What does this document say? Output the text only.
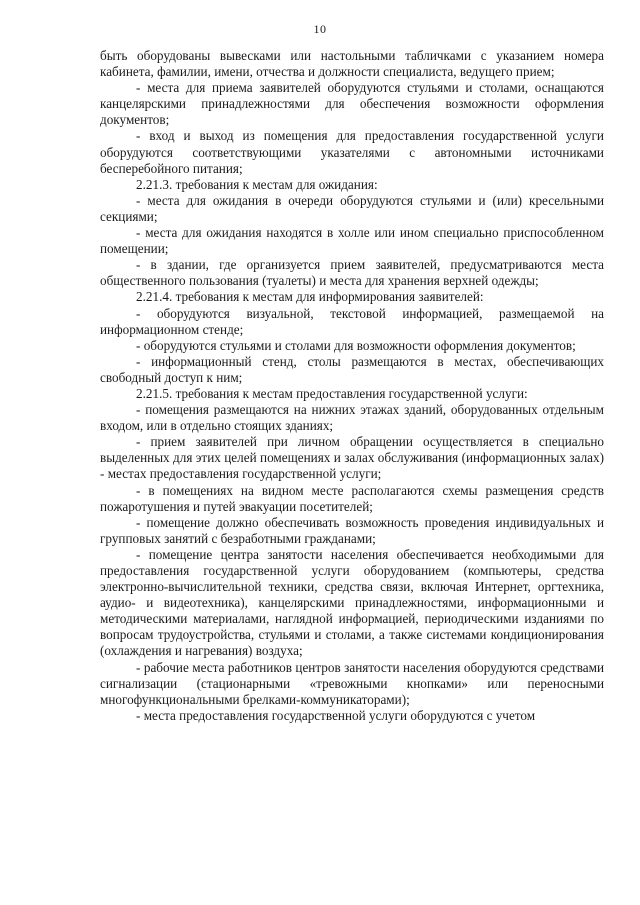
10

быть оборудованы вывесками или настольными табличками с указанием номера кабинета, фамилии, имени, отчества и должности специалиста, ведущего прием;

- места для приема заявителей оборудуются стульями и столами, оснащаются канцелярскими принадлежностями для обеспечения возможности оформления документов;

- вход и выход из помещения для предоставления государственной услуги оборудуются соответствующими указателями с автономными источниками бесперебойного питания;

2.21.3. требования к местам для ожидания:

- места для ожидания в очереди оборудуются стульями и (или) кресельными секциями;

- места для ожидания находятся в холле или ином специально приспособленном помещении;

- в здании, где организуется прием заявителей, предусматриваются места общественного пользования (туалеты) и места для хранения верхней одежды;

2.21.4. требования к местам для информирования заявителей:

- оборудуются визуальной, текстовой информацией, размещаемой на информационном стенде;

- оборудуются стульями и столами для возможности оформления документов;

- информационный стенд, столы размещаются в местах, обеспечивающих свободный доступ к ним;

2.21.5. требования к местам предоставления государственной услуги:

- помещения размещаются на нижних этажах зданий, оборудованных отдельным входом, или в отдельно стоящих зданиях;

- прием заявителей при личном обращении осуществляется в специально выделенных для этих целей помещениях и залах обслуживания (информационных залах) - местах предоставления государственной услуги;

- в помещениях на видном месте располагаются схемы размещения средств пожаротушения и путей эвакуации посетителей;

- помещение должно обеспечивать возможность проведения индивидуальных и групповых занятий с безработными гражданами;

- помещение центра занятости населения обеспечивается необходимыми для предоставления государственной услуги оборудованием (компьютеры, средства электронно-вычислительной техники, средства связи, включая Интернет, оргтехника, аудио- и видеотехника), канцелярскими принадлежностями, информационными и методическими материалами, наглядной информацией, периодическими изданиями по вопросам трудоустройства, стульями и столами, а также системами кондиционирования (охлаждения и нагревания) воздуха;

- рабочие места работников центров занятости населения оборудуются средствами сигнализации (стационарными «тревожными кнопками» или переносными многофункциональными брелками-коммуникаторами);

- места предоставления государственной услуги оборудуются с учетом
